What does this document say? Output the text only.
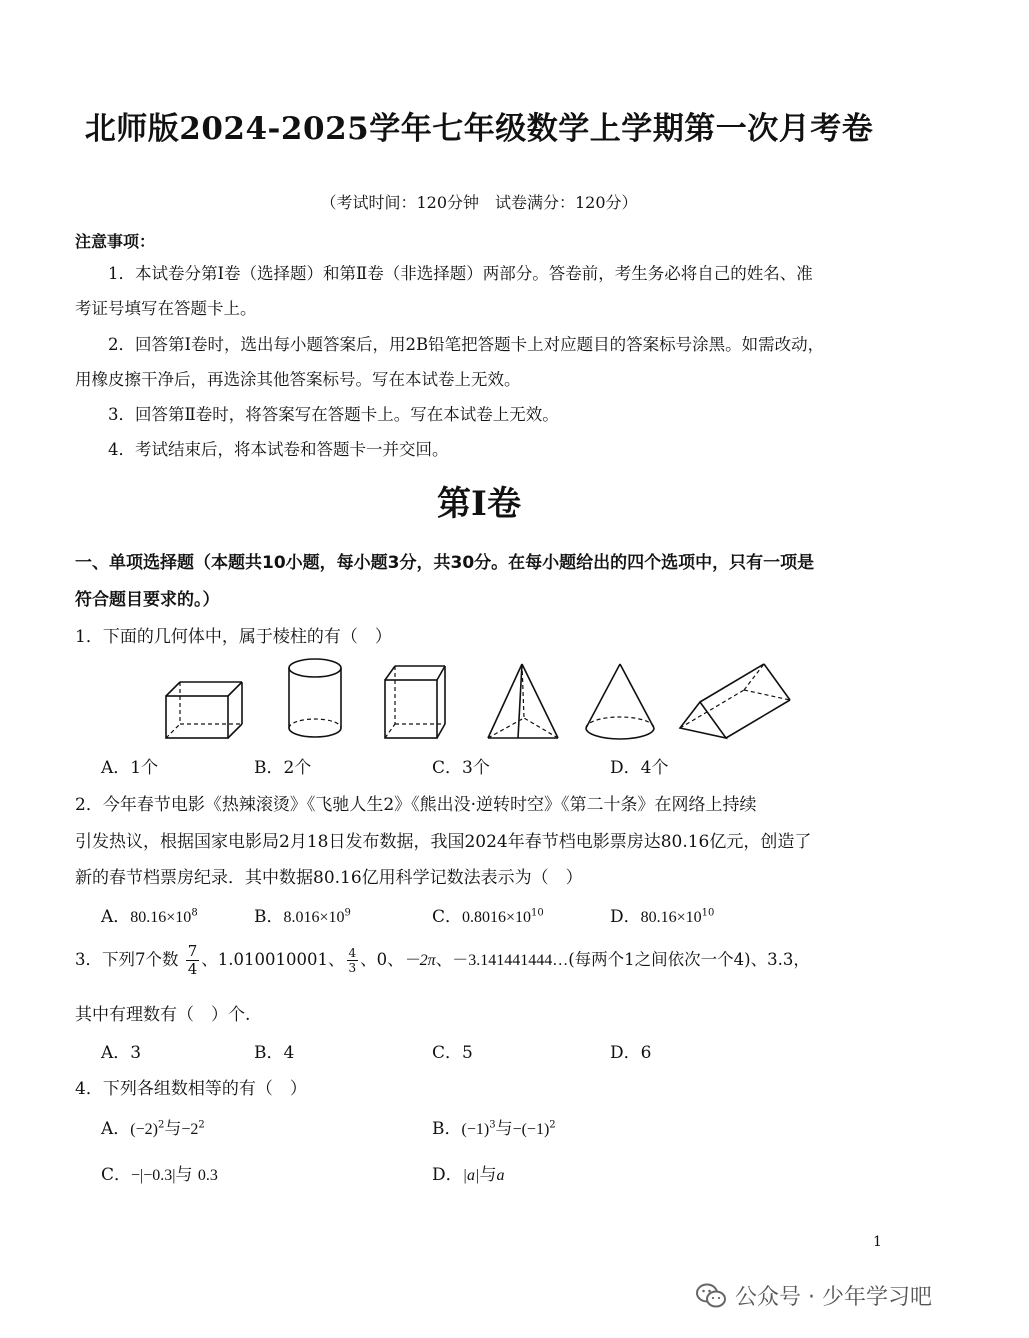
北师版2024-2025学年七年级数学上学期第一次月考卷
（考试时间：120分钟　试卷满分：120分）
注意事项：
1．本试卷分第Ⅰ卷（选择题）和第Ⅱ卷（非选择题）两部分。答卷前，考生务必将自己的姓名、准
考证号填写在答题卡上。
2．回答第Ⅰ卷时，选出每小题答案后，用2B铅笔把答题卡上对应题目的答案标号涂黑。如需改动，
用橡皮擦干净后，再选涂其他答案标号。写在本试卷上无效。
3．回答第Ⅱ卷时，将答案写在答题卡上。写在本试卷上无效。
4．考试结束后，将本试卷和答题卡一并交回。
第Ⅰ卷
一、单项选择题（本题共10小题，每小题3分，共30分。在每小题给出的四个选项中，只有一项是
符合题目要求的。）
1．下面的几何体中，属于棱柱的有（　）
A．1个	B．2个	C．3个	D．4个
2．今年春节电影《热辣滚烫》《飞驰人生2》《熊出没·逆转时空》《第二十条》在网络上持续
引发热议，根据国家电影局2月18日发布数据，我国2024年春节档电影票房达80.16亿元，创造了
新的春节档票房纪录．其中数据80.16亿用科学记数法表示为（　）
A．$80.16\times 10^8$	B．$8.016\times 10^9$	C．$0.8016\times 10^{10}$	D．$80.16\times 10^{10}$
3．下列7个数 $\frac{7}{4}$ 、1.010010001、 $\frac{4}{3}$ 、0、－2π、－3.141441444…(每两个1之间依次一个4)、3.3，
其中有理数有（　）个.
A．3	B．4	C．5	D．6
4．下列各组数相等的有（　）
A．$(-2)^2$与$-2^2$	B．$(-1)^3$与$-(-1)^2$
C．−|−0.3|与 0.3	D．|a|与a
1
公众号 · 少年学习吧
